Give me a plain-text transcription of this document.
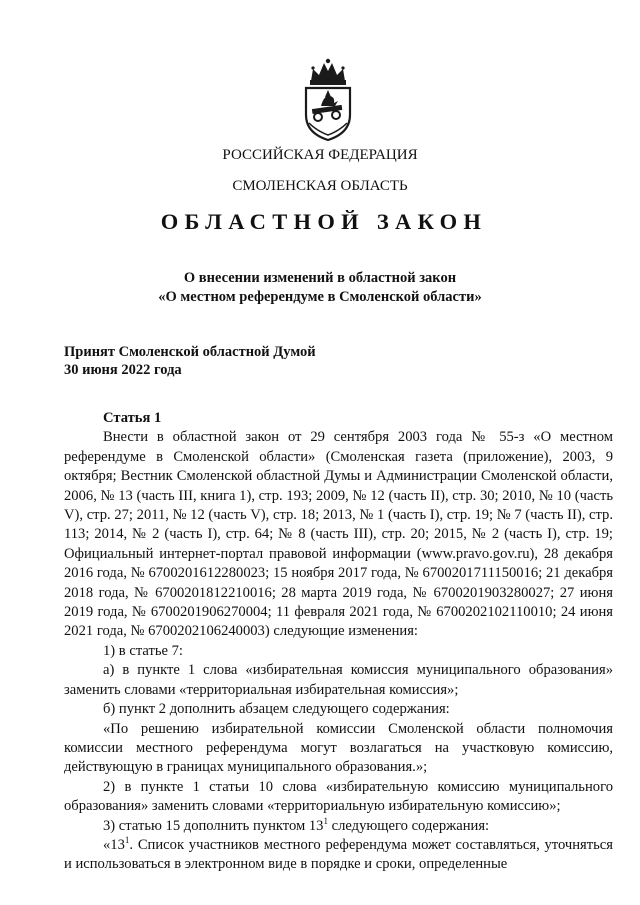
РОССИЙСКАЯ ФЕДЕРАЦИЯ
СМОЛЕНСКАЯ ОБЛАСТЬ
ОБЛАСТНОЙ ЗАКОН
О внесении изменений в областной закон
«О местном референдуме в Смоленской области»
Принят Смоленской областной Думой
30 июня 2022 года

Статья 1

Внести в областной закон от 29 сентября 2003 года № 55-з «О местном референдуме в Смоленской области» (Смоленская газета (приложение), 2003, 9 октября; Вестник Смоленской областной Думы и Администрации Смоленской области, 2006, № 13 (часть III, книга 1), стр. 193; 2009, № 12 (часть II), стр. 30; 2010, № 10 (часть V), стр. 27; 2011, № 12 (часть V), стр. 18; 2013, № 1 (часть I), стр. 19; № 7 (часть II), стр. 113; 2014, № 2 (часть I), стр. 64; № 8 (часть III), стр. 20; 2015, № 2 (часть I), стр. 19; Официальный интернет-портал правовой информации (www.pravo.gov.ru), 28 декабря 2016 года, № 6700201612280023; 15 ноября 2017 года, № 6700201711150016; 21 декабря 2018 года, № 6700201812210016; 28 марта 2019 года, № 6700201903280027; 27 июня 2019 года, № 6700201906270004; 11 февраля 2021 года, № 6700202102110010; 24 июня 2021 года, № 6700202106240003) следующие изменения:

1) в статье 7:

а) в пункте 1 слова «избирательная комиссия муниципального образования» заменить словами «территориальная избирательная комиссия»;

б) пункт 2 дополнить абзацем следующего содержания:

«По решению избирательной комиссии Смоленской области полномочия комиссии местного референдума могут возлагаться на участковую комиссию, действующую в границах муниципального образования.»;

2) в пункте 1 статьи 10 слова «избирательную комиссию муниципального образования» заменить словами «территориальную избирательную комиссию»;

3) статью 15 дополнить пунктом $13^1$ следующего содержания:

«$13^1$. Список участников местного референдума может составляться, уточняться и использоваться в электронном виде в порядке и сроки, определенные
